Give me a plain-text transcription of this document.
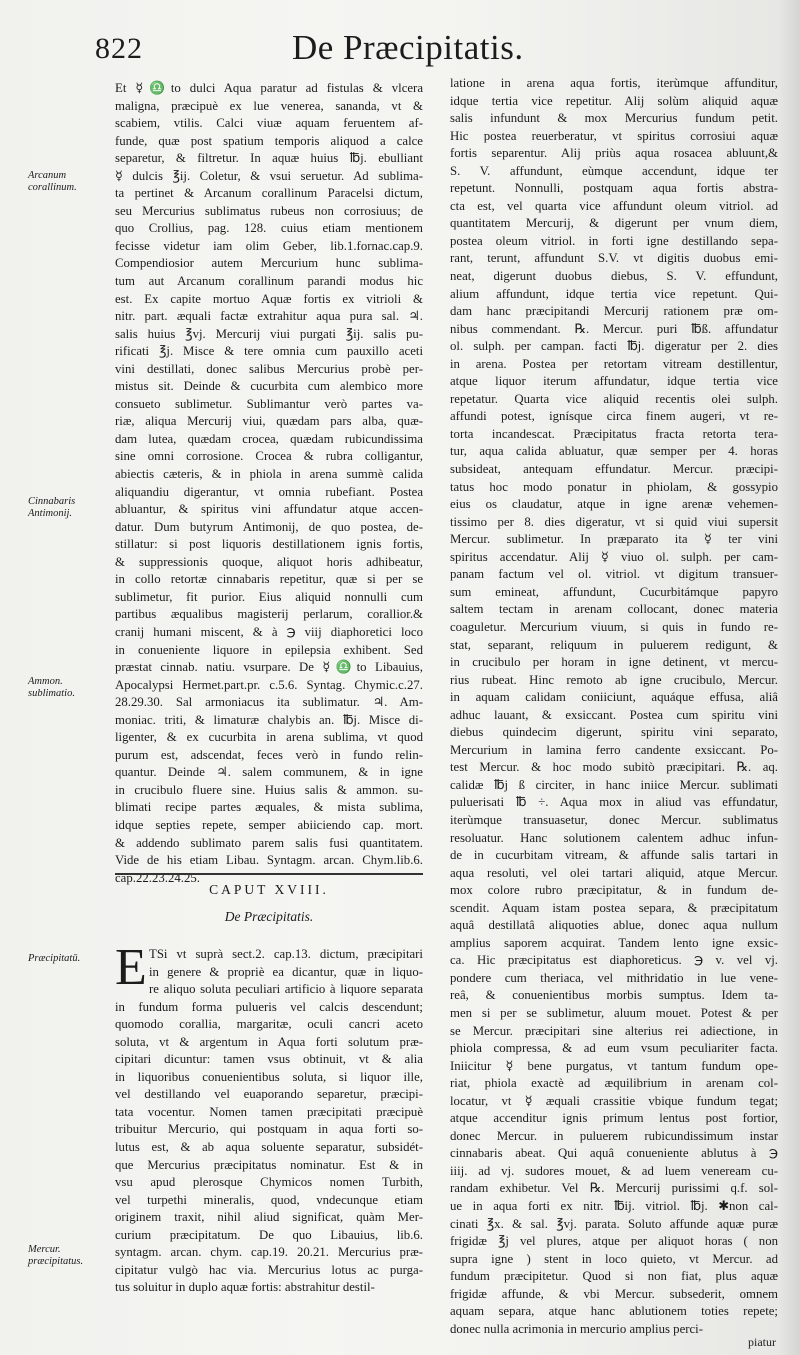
822	De Præcipitatis.
Arcanum corallinum.
Cinnabaris Antimonij.
Ammon. sublimatio.
Præcipitatū.
Mercur. præcipitatus.
Et ☿♎to dulci Aqua paratur ad fistulas & vlcera
maligna, præcipuè ex lue venerea, sananda, vt &
scabiem, vtilis. Calci viuæ aquam feruentem af-
funde, quæ post spatium temporis aliquod a calce
separetur, & filtretur. In aquæ huius ℔j. ebulliant
☿ dulcis ℥ij. Coletur, & vsui seruetur. Ad sublima-
ta pertinet & Arcanum corallinum Paracelsi dictum,
seu Mercurius sublimatus rubeus non corrosiuus; de
quo Crollius, pag. 128. cuius etiam mentionem
fecisse videtur iam olim Geber, lib.1.fornac.cap.9.
Compendiosior autem Mercurium hunc sublima-
tum aut Arcanum corallinum parandi modus hic
est. Ex capite mortuo Aquæ fortis ex vitrioli &
nitr. part. æquali factæ extrahitur aqua pura sal. ♃.
salis huius ℥vj. Mercurij viui purgati ℥ij. salis pu-
rificati ℥j. Misce & tere omnia cum pauxillo aceti
vini destillati, donec salibus Mercurius probè per-
mistus sit. Deinde & cucurbita cum alembico more
consueto sublimetur. Sublimantur verò partes va-
riæ, aliqua Mercurij viui, quædam pars alba, quæ-
dam lutea, quædam crocea, quædam rubicundissima
sine omni corrosione. Crocea & rubra colligantur,
abiectis cæteris, & in phiola in arena summè calida
aliquandiu digerantur, vt omnia rubefiant. Postea
abluantur, & spiritus vini affundatur atque accen-
datur. Dum butyrum Antimonij, de quo postea, de-
stillatur: si post liquoris destillationem ignis fortis,
& suppressionis quoque, aliquot horis adhibeatur,
in collo retortæ cinnabaris repetitur, quæ si per se
sublimetur, fit purior. Eius aliquid nonnulli cum
partibus æqualibus magisterij perlarum, corallior.&
cranij humani miscent, & à ℈ viij diaphoretici loco
in conueniente liquore in epilepsia exhibent. Sed
præstat cinnab. natiu. vsurpare. De ☿♎to Libauius,
Apocalypsi Hermet.part.pr. c.5.6. Syntag. Chymic.c.27.
28.29.30. Sal armoniacus ita sublimatur. ♃. Am-
moniac. triti, & limaturæ chalybis an. ℔j. Misce di-
ligenter, & ex cucurbita in arena sublima, vt quod
purum est, adscendat, feces verò in fundo relin-
quantur. Deinde ♃. salem communem, & in igne
in crucibulo fluere sine. Huius salis & ammon. su-
blimati recipe partes æquales, & mista sublima,
idque septies repete, semper abiiciendo cap. mort.
& addendo sublimato parem salis fusi quantitatem.
Vide de his etiam Libau. Syntagm. arcan. Chym.lib.6.
cap.22.23.24.25.
CAPUT XVIII.
De Præcipitatis.
E TSi vt suprà sect.2. cap.13. dictum, præcipitari
in genere & propriè ea dicantur, quæ in liquo-
re aliquo soluta peculiari artificio à liquore separata
in fundum forma pulueris vel calcis descendunt;
quomodo corallia, margaritæ, oculi cancri aceto
soluta, vt & argentum in Aqua forti solutum præ-
cipitari dicuntur: tamen vsus obtinuit, vt & alia
in liquoribus conuenientibus soluta, si liquor ille,
vel destillando vel euaporando separetur, præcipi-
tata vocentur. Nomen tamen præcipitati præcipuè
tribuitur Mercurio, qui postquam in aqua forti so-
lutus est, & ab aqua soluente separatur, subsidét-
que Mercurius præcipitatus nominatur. Est & in
vsu apud plerosque Chymicos nomen Turbith,
vel turpethi mineralis, quod, vndecunque etiam
originem traxit, nihil aliud significat, quàm Mer-
curium præcipitatum. De quo Libauius, lib.6.
syntagm. arcan. chym. cap.19. 20.21. Mercurius præ-
cipitatur vulgò hac via. Mercurius lotus ac purga-
tus soluitur in duplo aquæ fortis: abstrahitur destil-
latione in arena aqua fortis, iterùmque affunditur,
idque tertia vice repetitur. Alij solùm aliquid aquæ
salis infundunt & mox Mercurius fundum petit.
Hic postea reuerberatur, vt spiritus corrosiui aquæ
fortis separentur. Alij priùs aqua rosacea abluunt,&
S. V. affundunt, eùmque accendunt, idque ter
repetunt. Nonnulli, postquam aqua fortis abstra-
cta est, vel quarta vice affundunt oleum vitriol. ad
quantitatem Mercurij, & digerunt per vnum diem,
postea oleum vitriol. in forti igne destillando sepa-
rant, terunt, affundunt S.V. vt digitis duobus emi-
neat, digerunt duobus diebus, S. V. effundunt,
alium affundunt, idque tertia vice repetunt. Qui-
dam hanc præcipitandi Mercurij rationem præ om-
nibus commendant. ℞. Mercur. puri ℔ß. affundatur
ol. sulph. per campan. facti ℔j. digeratur per 2. dies
in arena. Postea per retortam vitream destillentur,
atque liquor iterum affundatur, idque tertia vice
repetatur. Quarta vice aliquid recentis olei sulph.
affundi potest, ignísque circa finem augeri, vt re-
torta incandescat. Præcipitatus fracta retorta tera-
tur, aqua calida abluatur, quæ semper per 4. horas
subsideat, antequam effundatur. Mercur. præcipi-
tatus hoc modo ponatur in phiolam, & gossypio
eius os claudatur, atque in igne arenæ vehemen-
tissimo per 8. dies digeratur, vt si quid viui supersit
Mercur. sublimetur. In præparato ita ☿ ter vini
spiritus accendatur. Alij ☿ viuo ol. sulph. per cam-
panam factum vel ol. vitriol. vt digitum transuer-
sum emineat, affundunt, Cucurbitámque papyro
saltem tectam in arenam collocant, donec materia
coaguletur. Mercurium viuum, si quis in fundo re-
stat, separant, reliquum in puluerem redigunt, &
in crucibulo per horam in igne detinent, vt mercu-
rius rubeat. Hinc remoto ab igne crucibulo, Mercur.
in aquam calidam coniiciunt, aquáque effusa, aliâ
adhuc lauant, & exsiccant. Postea cum spiritu vini
diebus quindecim digerunt, spiritu vini separato,
Mercurium in lamina ferro candente exsiccant. Po-
test Mercur. & hoc modo subitò præcipitari. ℞. aq.
calidæ ℔j ß circiter, in hanc iniice Mercur. sublimati
puluerisati ℔ ÷. Aqua mox in aliud vas effundatur,
iterùmque transuasetur, donec Mercur. sublimatus
resoluatur. Hanc solutionem calentem adhuc infun-
de in cucurbitam vitream, & affunde salis tartari in
aqua resoluti, vel olei tartari aliquid, atque Mercur.
mox colore rubro præcipitatur, & in fundum de-
scendit. Aquam istam postea separa, & præcipitatum
aquâ destillatâ aliquoties ablue, donec aqua nullum
amplius saporem acquirat. Tandem lento igne exsic-
ca. Hic præcipitatus est diaphoreticus. ℈ v. vel vj.
pondere cum theriaca, vel mithridatio in lue vene-
reâ, & conuenientibus morbis sumptus. Idem ta-
men si per se sublimetur, aluum mouet. Potest & per
se Mercur. præcipitari sine alterius rei adiectione, in
phiola compressa, & ad eum vsum peculiariter facta.
Iniicitur ☿ bene purgatus, vt tantum fundum ope-
riat, phiola exactè ad æquilibrium in arenam col-
locatur, vt ☿ æquali crassitie vbique fundum tegat;
atque accenditur ignis primum lentus post fortior,
donec Mercur. in puluerem rubicundissimum instar
cinnabaris abeat. Qui aquâ conueniente ablutus à ℈
iiij. ad vj. sudores mouet, & ad luem veneream cu-
randam exhibetur. Vel ℞. Mercurij purissimi q.f. sol-
ue in aqua forti ex nitr. ℔ij. vitriol. ℔j. ✱non cal-
cinati ℥x. & sal. ℥vj. parata. Soluto affunde aquæ puræ
frigidæ ℥j vel plures, atque per aliquot horas ( non
supra igne ) stent in loco quieto, vt Mercur. ad
fundum præcipitetur. Quod si non fiat, plus aquæ
frigidæ affunde, & vbi Mercur. subsederit, omnem
aquam separa, atque hanc ablutionem toties repete;
donec nulla acrimonia in mercurio amplius perci-
piatur
